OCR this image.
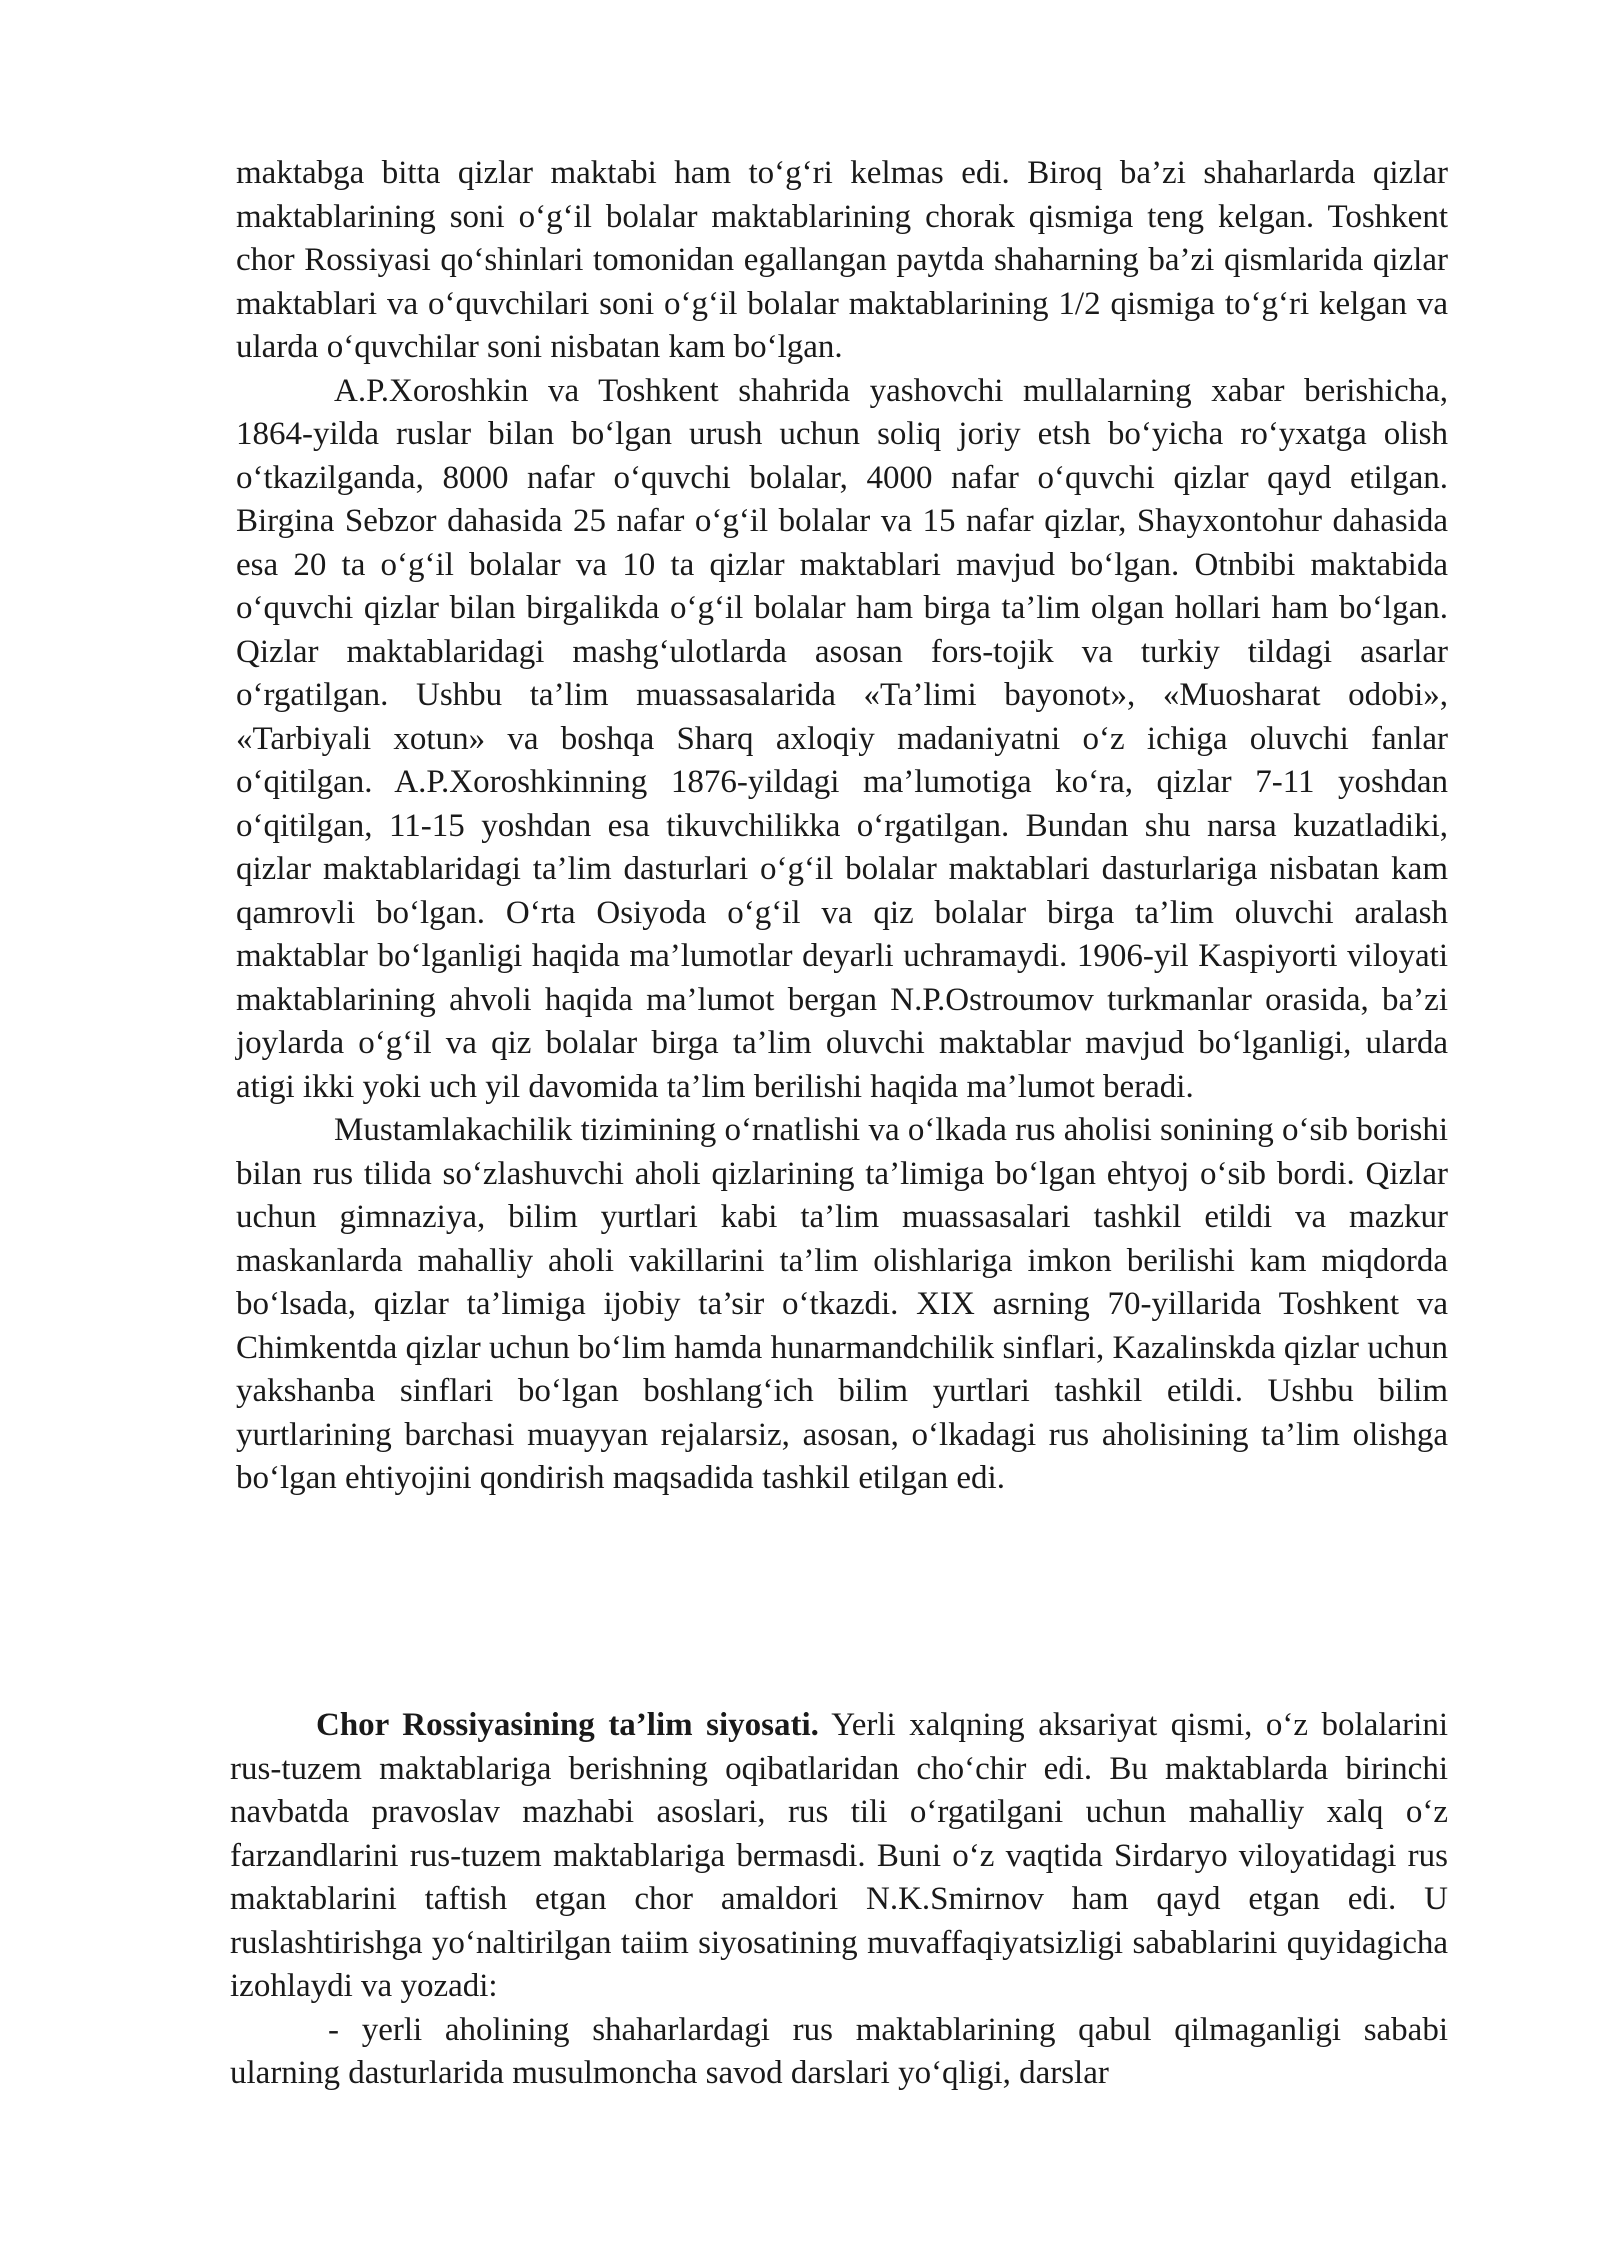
maktabga bitta qizlar maktabi ham to‘g‘ri kelmas edi. Biroq ba’zi shaharlarda qizlar maktablarining soni o‘g‘il bolalar maktablarining chorak qismiga teng kelgan. Toshkent chor Rossiyasi qo‘shinlari tomonidan egallangan paytda shaharning ba’zi qismlarida qizlar maktablari va o‘quvchilari soni o‘g‘il bolalar maktablarining 1/2 qismiga to‘g‘ri kelgan va ularda o‘quvchilar soni nisbatan kam bo‘lgan.

A.P.Xoroshkin va Toshkent shahrida yashovchi mullalarning xabar berishicha, 1864-yilda ruslar bilan bo‘lgan urush uchun soliq joriy etsh bo‘yicha ro‘yxatga olish o‘tkazilganda, 8000 nafar o‘quvchi bolalar, 4000 nafar o‘quvchi qizlar qayd etilgan. Birgina Sebzor dahasida 25 nafar o‘g‘il bolalar va 15 nafar qizlar, Shayxontohur dahasida esa 20 ta o‘g‘il bolalar va 10 ta qizlar maktablari mavjud bo‘lgan. Otnbibi maktabida o‘quvchi qizlar bilan birgalikda o‘g‘il bolalar ham birga ta’lim olgan hollari ham bo‘lgan. Qizlar maktablaridagi mashg‘ulotlarda asosan fors-tojik va turkiy tildagi asarlar o‘rgatilgan. Ushbu ta’lim muassasalarida «Ta’limi bayonot», «Muosharat odobi», «Tarbiyali xotun» va boshqa Sharq axloqiy madaniyatni o‘z ichiga oluvchi fanlar o‘qitilgan. A.P.Xoroshkinning 1876-yildagi ma’lumotiga ko‘ra, qizlar 7-11 yoshdan o‘qitilgan, 11-15 yoshdan esa tikuvchilikka o‘rgatilgan. Bundan shu narsa kuzatladiki, qizlar maktablaridagi ta’lim dasturlari o‘g‘il bolalar maktablari dasturlariga nisbatan kam qamrovli bo‘lgan. O‘rta Osiyoda o‘g‘il va qiz bolalar birga ta’lim oluvchi aralash maktablar bo‘lganligi haqida ma’lumotlar deyarli uchramaydi. 1906-yil Kaspiyorti viloyati maktablarining ahvoli haqida ma’lumot bergan N.P.Ostroumov turkmanlar orasida, ba’zi joylarda o‘g‘il va qiz bolalar birga ta’lim oluvchi maktablar mavjud bo‘lganligi, ularda atigi ikki yoki uch yil davomida ta’lim berilishi haqida ma’lumot beradi.

Mustamlakachilik tizimining o‘rnatlishi va o‘lkada rus aholisi sonining o‘sib borishi bilan rus tilida so‘zlashuvchi aholi qizlarining ta’limiga bo‘lgan ehtyoj o‘sib bordi. Qizlar uchun gimnaziya, bilim yurtlari kabi ta’lim muassasalari tashkil etildi va mazkur maskanlarda mahalliy aholi vakillarini ta’lim olishlariga imkon berilishi kam miqdorda bo‘lsada, qizlar ta’limiga ijobiy ta’sir o‘tkazdi. XIX asrning 70-yillarida Toshkent va Chimkentda qizlar uchun bo‘lim hamda hunarmandchilik sinflari, Kazalinskda qizlar uchun yakshanba sinflari bo‘lgan boshlang‘ich bilim yurtlari tashkil etildi. Ushbu bilim yurtlarining barchasi muayyan rejalarsiz, asosan, o‘lkadagi rus aholisining ta’lim olishga bo‘lgan ehtiyojini qondirish maqsadida tashkil etilgan edi.

Chor Rossiyasining ta’lim siyosati. Yerli xalqning aksariyat qismi, o‘z bolalarini rus-tuzem maktablariga berishning oqibatlaridan cho‘chir edi. Bu maktablarda birinchi navbatda pravoslav mazhabi asoslari, rus tili o‘rgatilgani uchun mahalliy xalq o‘z farzandlarini rus-tuzem maktablariga bermasdi. Buni o‘z vaqtida Sirdaryo viloyatidagi rus maktablarini taftish etgan chor amaldori N.K.Smirnov ham qayd etgan edi. U ruslashtirishga yo‘naltirilgan taiim siyosatining muvaffaqiyatsizligi sabablarini quyidagicha izohlaydi va yozadi:

- yerli aholining shaharlardagi rus maktablarining qabul qilmaganligi sababi ularning dasturlarida musulmoncha savod darslari yo‘qligi, darslar
